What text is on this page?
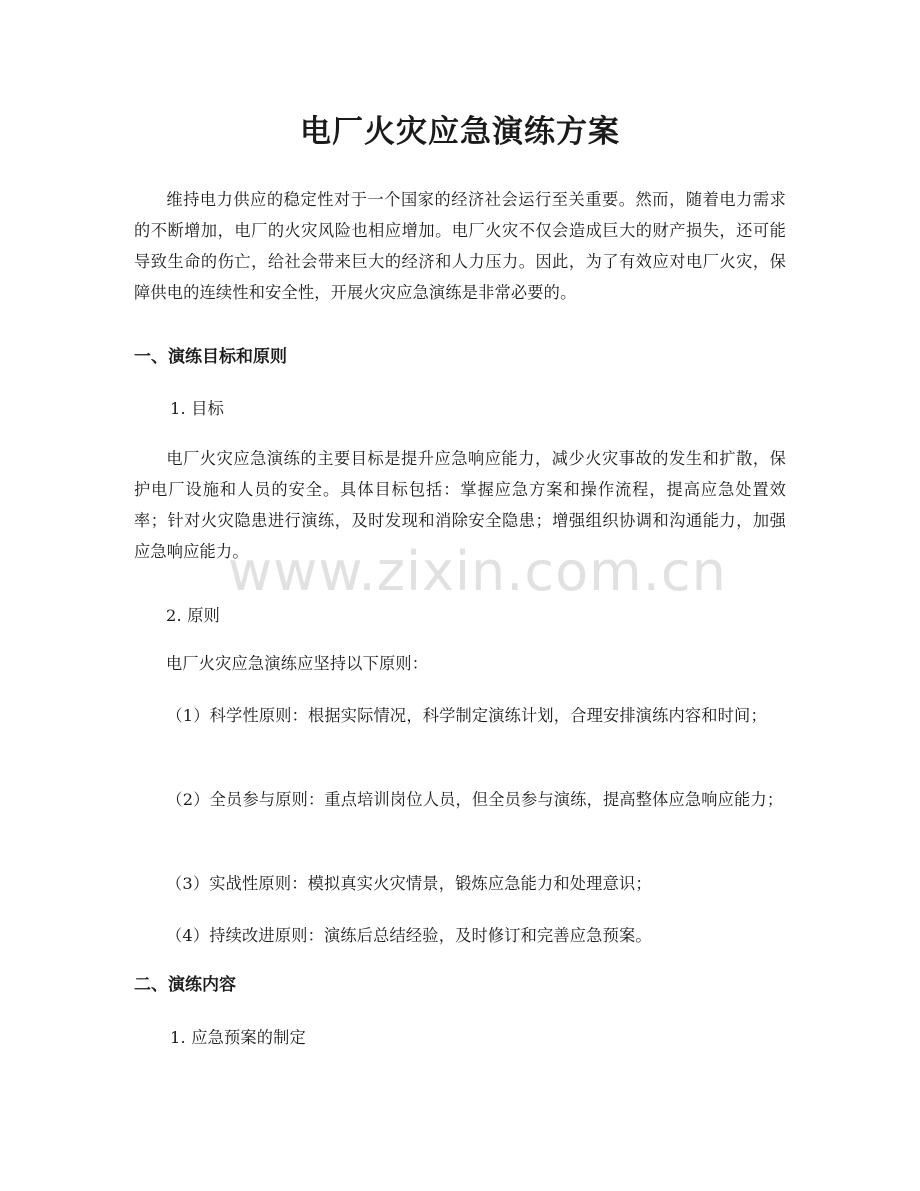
电厂火灾应急演练方案

维持电力供应的稳定性对于一个国家的经济社会运行至关重要。然而，随着电力需求的不断增加，电厂的火灾风险也相应增加。电厂火灾不仅会造成巨大的财产损失，还可能导致生命的伤亡，给社会带来巨大的经济和人力压力。因此，为了有效应对电厂火灾，保障供电的连续性和安全性，开展火灾应急演练是非常必要的。

一、演练目标和原则

1. 目标

电厂火灾应急演练的主要目标是提升应急响应能力，减少火灾事故的发生和扩散，保护电厂设施和人员的安全。具体目标包括：掌握应急方案和操作流程，提高应急处置效率；针对火灾隐患进行演练，及时发现和消除安全隐患；增强组织协调和沟通能力，加强应急响应能力。

2. 原则

电厂火灾应急演练应坚持以下原则：

（1）科学性原则：根据实际情况，科学制定演练计划，合理安排演练内容和时间；

（2）全员参与原则：重点培训岗位人员，但全员参与演练，提高整体应急响应能力；

（3）实战性原则：模拟真实火灾情景，锻炼应急能力和处理意识；

（4）持续改进原则：演练后总结经验，及时修订和完善应急预案。

二、演练内容

1. 应急预案的制定

www.zixin.com.cn
